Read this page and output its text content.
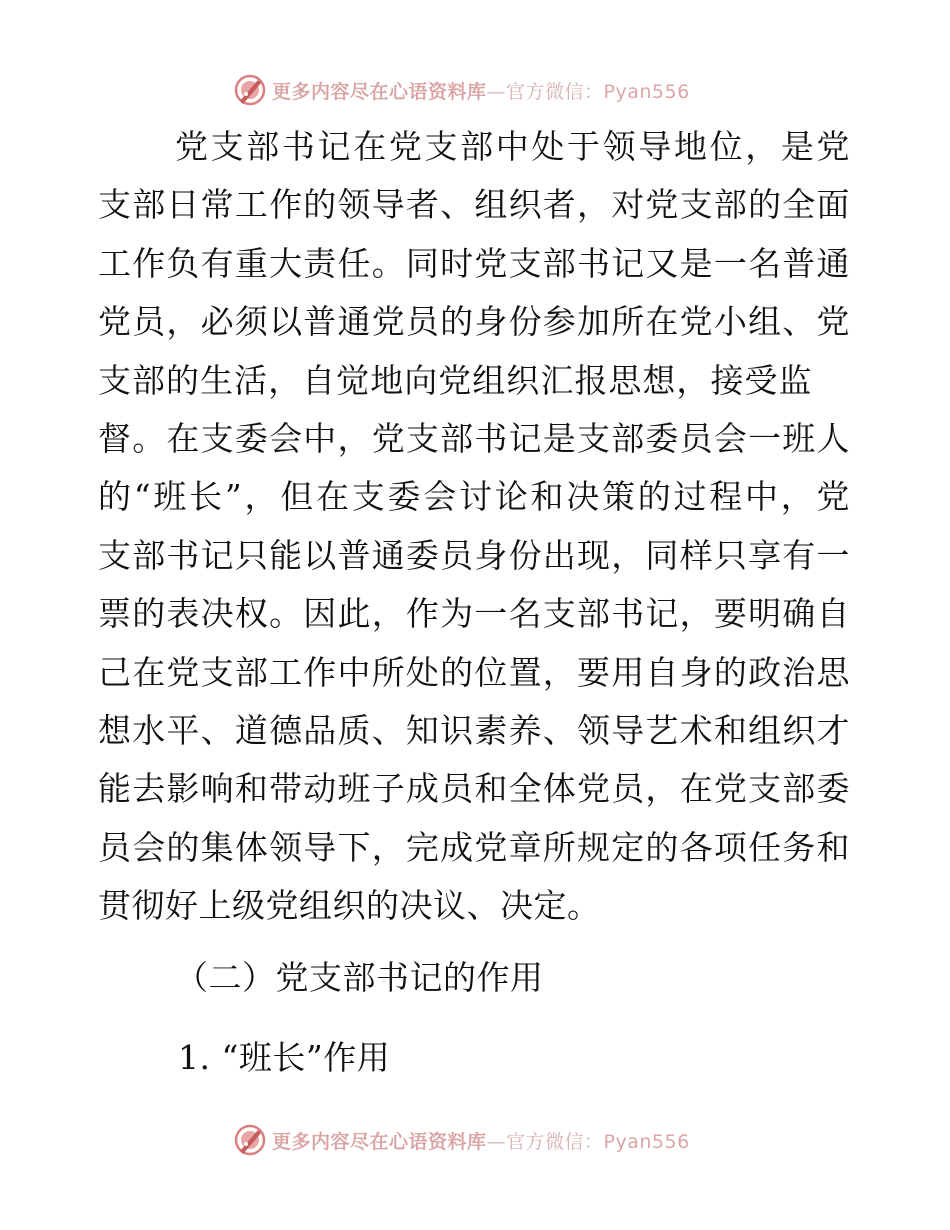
更多内容尽在心语资料库—官方微信：Pyan556
党支部书记在党支部中处于领导地位，是党
支部日常工作的领导者、组织者，对党支部的全面
工作负有重大责任。同时党支部书记又是一名普通
党员，必须以普通党员的身份参加所在党小组、党
支部的生活，自觉地向党组织汇报思想，接受监
督。在支委会中，党支部书记是支部委员会一班人
的“班长”，但在支委会讨论和决策的过程中，党
支部书记只能以普通委员身份出现，同样只享有一
票的表决权。因此，作为一名支部书记，要明确自
己在党支部工作中所处的位置，要用自身的政治思
想水平、道德品质、知识素养、领导艺术和组织才
能去影响和带动班子成员和全体党员，在党支部委
员会的集体领导下，完成党章所规定的各项任务和
贯彻好上级党组织的决议、决定。
（二）党支部书记的作用
1. “班长”作用
更多内容尽在心语资料库—官方微信：Pyan556
